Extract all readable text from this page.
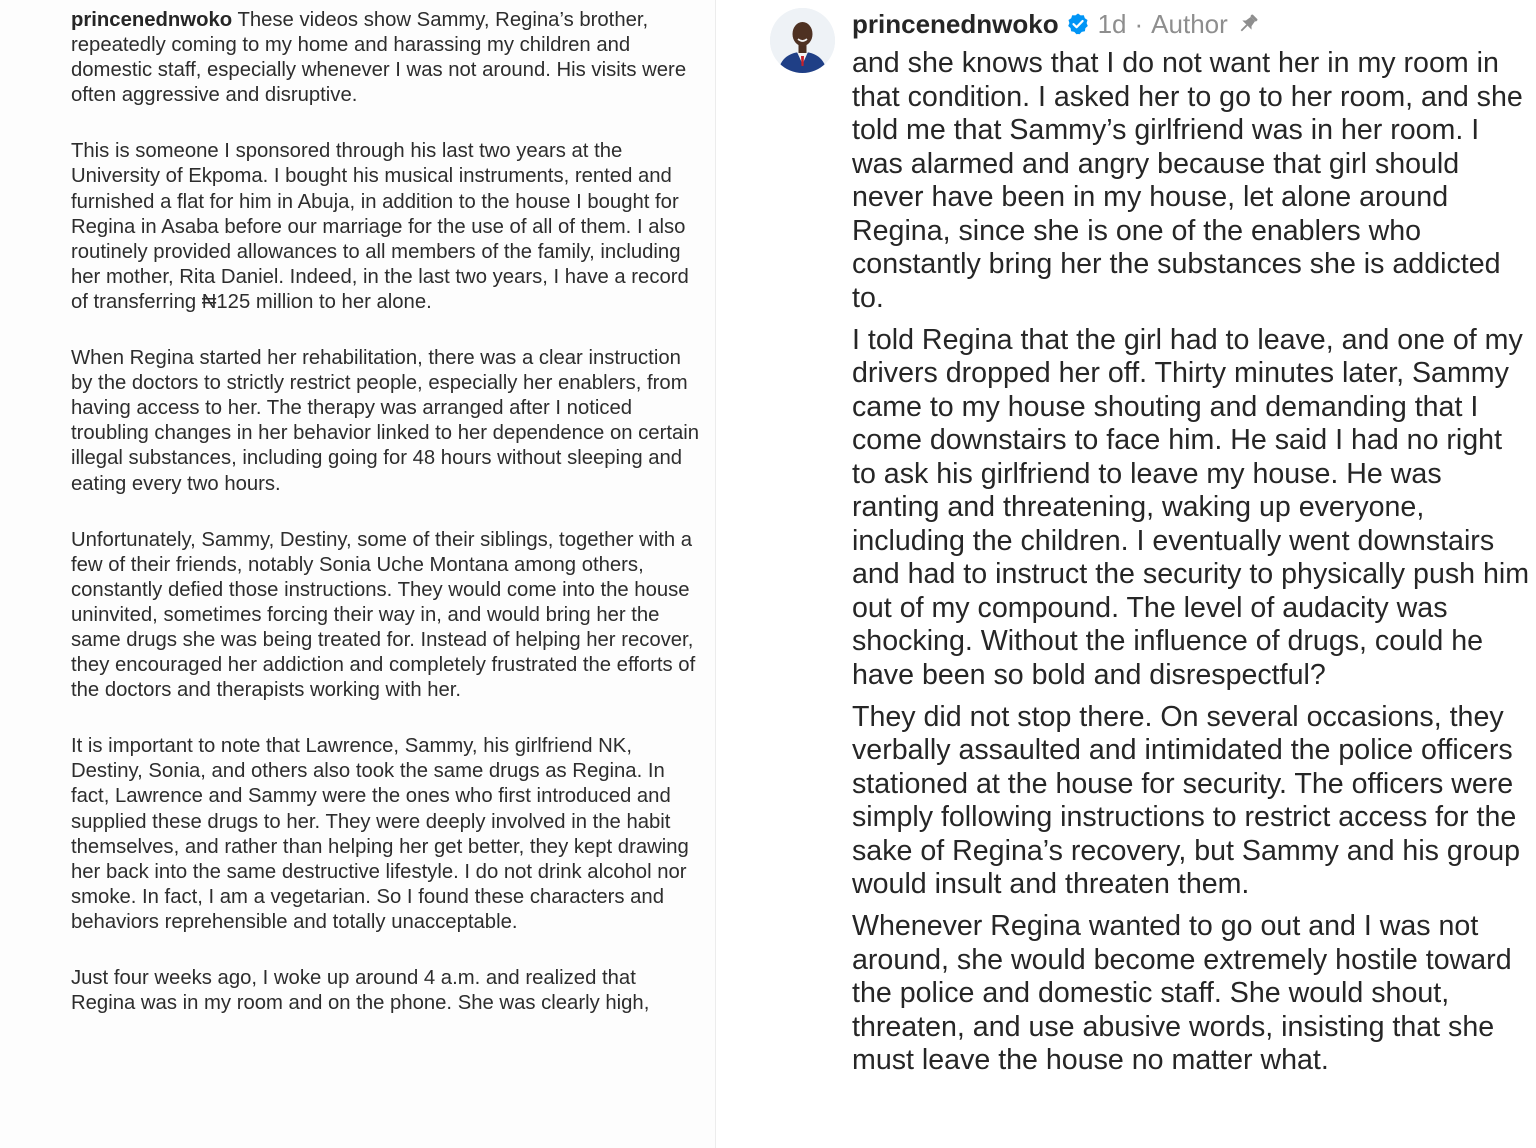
princenednwoko These videos show Sammy, Regina’s brother, repeatedly coming to my home and harassing my children and domestic staff, especially whenever I was not around. His visits were often aggressive and disruptive.

This is someone I sponsored through his last two years at the University of Ekpoma. I bought his musical instruments, rented and furnished a flat for him in Abuja, in addition to the house I bought for Regina in Asaba before our marriage for the use of all of them. I also routinely provided allowances to all members of the family, including her mother, Rita Daniel. Indeed, in the last two years, I have a record of transferring ₦125 million to her alone.

When Regina started her rehabilitation, there was a clear instruction by the doctors to strictly restrict people, especially her enablers, from having access to her. The therapy was arranged after I noticed troubling changes in her behavior linked to her dependence on certain illegal substances, including going for 48 hours without sleeping and eating every two hours.

Unfortunately, Sammy, Destiny, some of their siblings, together with a few of their friends, notably Sonia Uche Montana among others, constantly defied those instructions. They would come into the house uninvited, sometimes forcing their way in, and would bring her the same drugs she was being treated for. Instead of helping her recover, they encouraged her addiction and completely frustrated the efforts of the doctors and therapists working with her.

It is important to note that Lawrence, Sammy, his girlfriend NK, Destiny, Sonia, and others also took the same drugs as Regina. In fact, Lawrence and Sammy were the ones who first introduced and supplied these drugs to her. They were deeply involved in the habit themselves, and rather than helping her get better, they kept drawing her back into the same destructive lifestyle. I do not drink alcohol nor smoke. In fact, I am a vegetarian. So I found these characters and behaviors reprehensible and totally unacceptable.

Just four weeks ago, I woke up around 4 a.m. and realized that Regina was in my room and on the phone. She was clearly high,

princenednwoko 1d · Author

and she knows that I do not want her in my room in that condition. I asked her to go to her room, and she told me that Sammy’s girlfriend was in her room. I was alarmed and angry because that girl should never have been in my house, let alone around Regina, since she is one of the enablers who constantly bring her the substances she is addicted to.

I told Regina that the girl had to leave, and one of my drivers dropped her off. Thirty minutes later, Sammy came to my house shouting and demanding that I come downstairs to face him. He said I had no right to ask his girlfriend to leave my house. He was ranting and threatening, waking up everyone, including the children. I eventually went downstairs and had to instruct the security to physically push him out of my compound. The level of audacity was shocking. Without the influence of drugs, could he have been so bold and disrespectful?

They did not stop there. On several occasions, they verbally assaulted and intimidated the police officers stationed at the house for security. The officers were simply following instructions to restrict access for the sake of Regina’s recovery, but Sammy and his group would insult and threaten them.

Whenever Regina wanted to go out and I was not around, she would become extremely hostile toward the police and domestic staff. She would shout, threaten, and use abusive words, insisting that she must leave the house no matter what.
